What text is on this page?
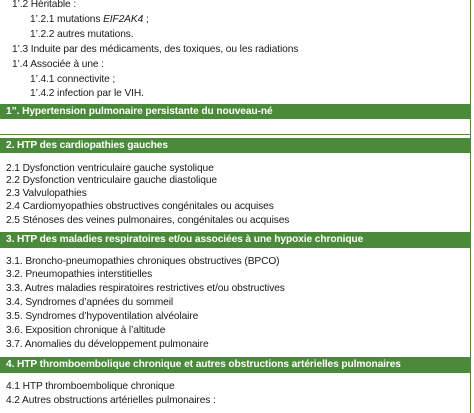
1’.2 Héritable :
1’.2.1 mutations EIF2AK4 ;
1’.2.2 autres mutations.
1’.3 Induite par des médicaments, des toxiques, ou les radiations
1’.4 Associée à une :
1’.4.1 connectivite ;
1’.4.2 infection par le VIH.
1’’. Hypertension pulmonaire persistante du nouveau-né
2. HTP des cardiopathies gauches
2.1 Dysfonction ventriculaire gauche systolique
2.2 Dysfonction ventriculaire gauche diastolique
2.3 Valvulopathies
2.4 Cardiomyopathies obstructives congénitales ou acquises
2.5 Sténoses des veines pulmonaires, congénitales ou acquises
3. HTP des maladies respiratoires et/ou associées à une hypoxie chronique
3.1. Broncho-pneumopathies chroniques obstructives (BPCO)
3.2. Pneumopathies interstitielles
3.3. Autres maladies respiratoires restrictives et/ou obstructives
3.4. Syndromes d’apnées du sommeil
3.5. Syndromes d’hypoventilation alvéolaire
3.6. Exposition chronique à l’altitude
3.7. Anomalies du développement pulmonaire
4. HTP thromboembolique chronique et autres obstructions artérielles pulmonaires
4.1 HTP thromboembolique chronique
4.2 Autres obstructions artérielles pulmonaires :
